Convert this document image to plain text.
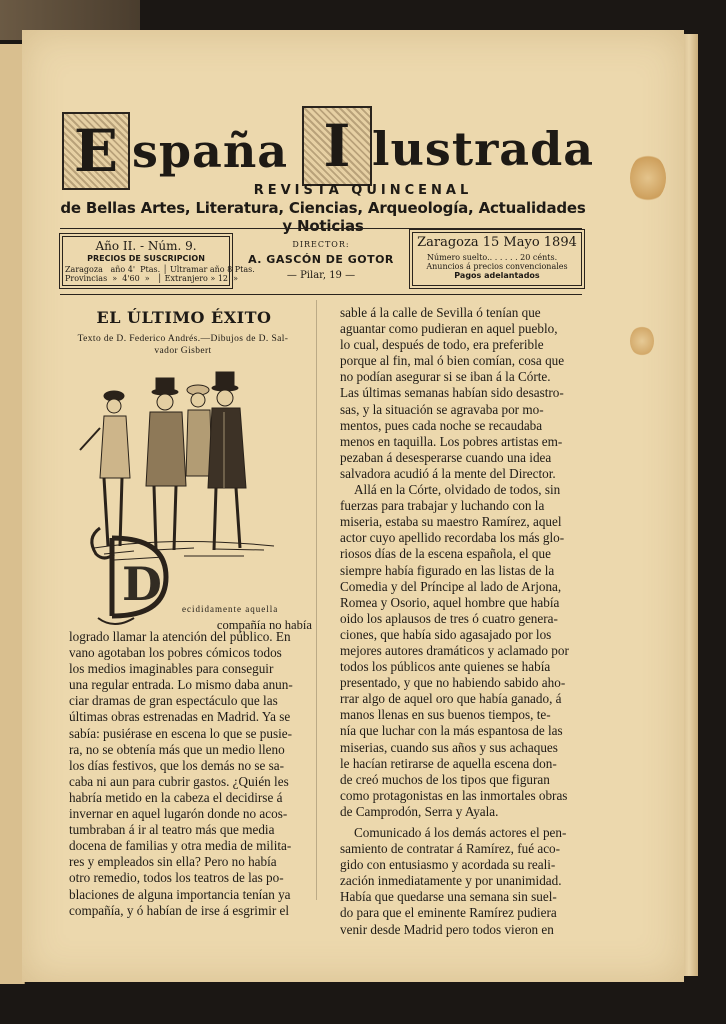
E spaña I lustrada
REVISTA QUINCENAL
de Bellas Artes, Literatura, Ciencias, Arqueología, Actualidades y Noticias
Año II. - Núm. 9.
PRECIOS DE SUSCRIPCION
Zaragoza   año 4'  Ptas. │ Ultramar año 8 Ptas.
Provincias  »  4'60  »   │ Extranjero » 12  »
DIRECTOR:
A. GASCÓN DE GOTOR
— Pilar, 19 —
Zaragoza 15 Mayo 1894
Número suelto.. . . . . . 20 cénts.
Anuncios á precios convencionales
Pagos adelantados
EL ÚLTIMO ÉXITO
Texto de D. Federico Andrés.—Dibujos de D. Sal-
vador Gisbert
D ecididamente aquella

compañía no había

logrado llamar la atención del público. En

vano agotaban los pobres cómicos todos

los medios imaginables para conseguir

una regular entrada. Lo mismo daba anun-

ciar dramas de gran espectáculo que las

últimas obras estrenadas en Madrid. Ya se

sabía: pusiérase en escena lo que se pusie-

ra, no se obtenía más que un medio lleno

los días festivos, que los demás no se sa-

caba ni aun para cubrir gastos. ¿Quién les

habría metido en la cabeza el decidirse á

invernar en aquel lugarón donde no acos-

tumbraban á ir al teatro más que media

docena de familias y otra media de milita-

res y empleados sin ella? Pero no había

otro remedio, todos los teatros de las po-

blaciones de alguna importancia tenían ya

compañía, y ó habían de irse á esgrimir el

sable á la calle de Sevilla ó tenían que

aguantar como pudieran en aquel pueblo,

lo cual, después de todo, era preferible

porque al fin, mal ó bien comían, cosa que

no podían asegurar si se iban á la Córte.

Las últimas semanas habían sido desastro-

sas, y la situación se agravaba por mo-

mentos, pues cada noche se recaudaba

menos en taquilla. Los pobres artistas em-

pezaban á desesperarse cuando una idea

salvadora acudió á la mente del Director.

Allá en la Córte, olvidado de todos, sin

fuerzas para trabajar y luchando con la

miseria, estaba su maestro Ramírez, aquel

actor cuyo apellido recordaba los más glo-

riosos días de la escena española, el que

siempre había figurado en las listas de la

Comedia y del Príncipe al lado de Arjona,

Romea y Osorio, aquel hombre que había

oido los aplausos de tres ó cuatro genera-

ciones, que había sido agasajado por los

mejores autores dramáticos y aclamado por

todos los públicos ante quienes se había

presentado, y que no habiendo sabido aho-

rrar algo de aquel oro que había ganado, á

manos llenas en sus buenos tiempos, te-

nía que luchar con la más espantosa de las

miserias, cuando sus años y sus achaques

le hacían retirarse de aquella escena don-

de creó muchos de los tipos que figuran

como protagonistas en las inmortales obras

de Camprodón, Serra y Ayala.

Comunicado á los demás actores el pen-

samiento de contratar á Ramírez, fué aco-

gido con entusiasmo y acordada su reali-

zación inmediatamente y por unanimidad.

Había que quedarse una semana sin suel-

do para que el eminente Ramírez pudiera

venir desde Madrid pero todos vieron en
